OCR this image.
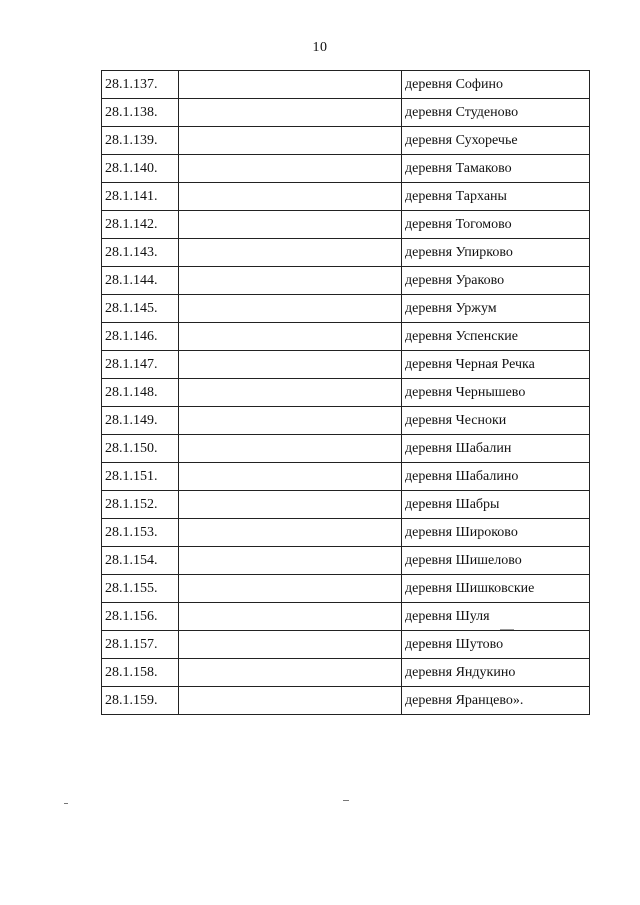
10
28.1.137.		деревня Софино
28.1.138.		деревня Студеново
28.1.139.		деревня Сухоречье
28.1.140.		деревня Тамаково
28.1.141.		деревня Тарханы
28.1.142.		деревня Тогомово
28.1.143.		деревня Упирково
28.1.144.		деревня Ураково
28.1.145.		деревня Уржум
28.1.146.		деревня Успенские
28.1.147.		деревня Черная Речка
28.1.148.		деревня Чернышево
28.1.149.		деревня Чесноки
28.1.150.		деревня Шабалин
28.1.151.		деревня Шабалино
28.1.152.		деревня Шабры
28.1.153.		деревня Широково
28.1.154.		деревня Шишелово
28.1.155.		деревня Шишковские
28.1.156.		деревня Шуля
28.1.157.		деревня Шутово
28.1.158.		деревня Яндукино
28.1.159.		деревня Яранцево».
